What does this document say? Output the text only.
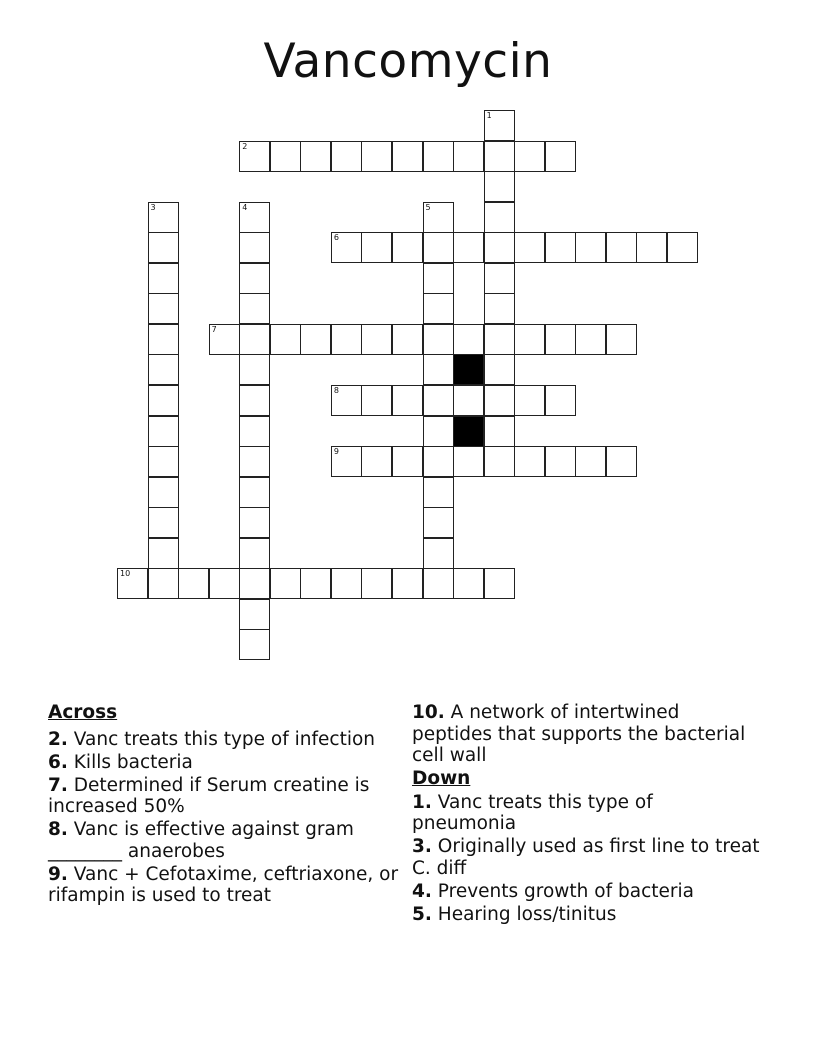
Vancomycin
1
2
3	4	5
6
7
8
9
10
Across
2. Vanc treats this type of infection
6. Kills bacteria
7. Determined if Serum creatine is increased 50%
8. Vanc is effective against gram ________ anaerobes
9. Vanc + Cefotaxime, ceftriaxone, or rifampin is used to treat
10. A network of intertwined peptides that supports the bacterial cell wall
Down
1. Vanc treats this type of pneumonia
3. Originally used as first line to treat C. diff
4. Prevents growth of bacteria
5. Hearing loss/tinitus
